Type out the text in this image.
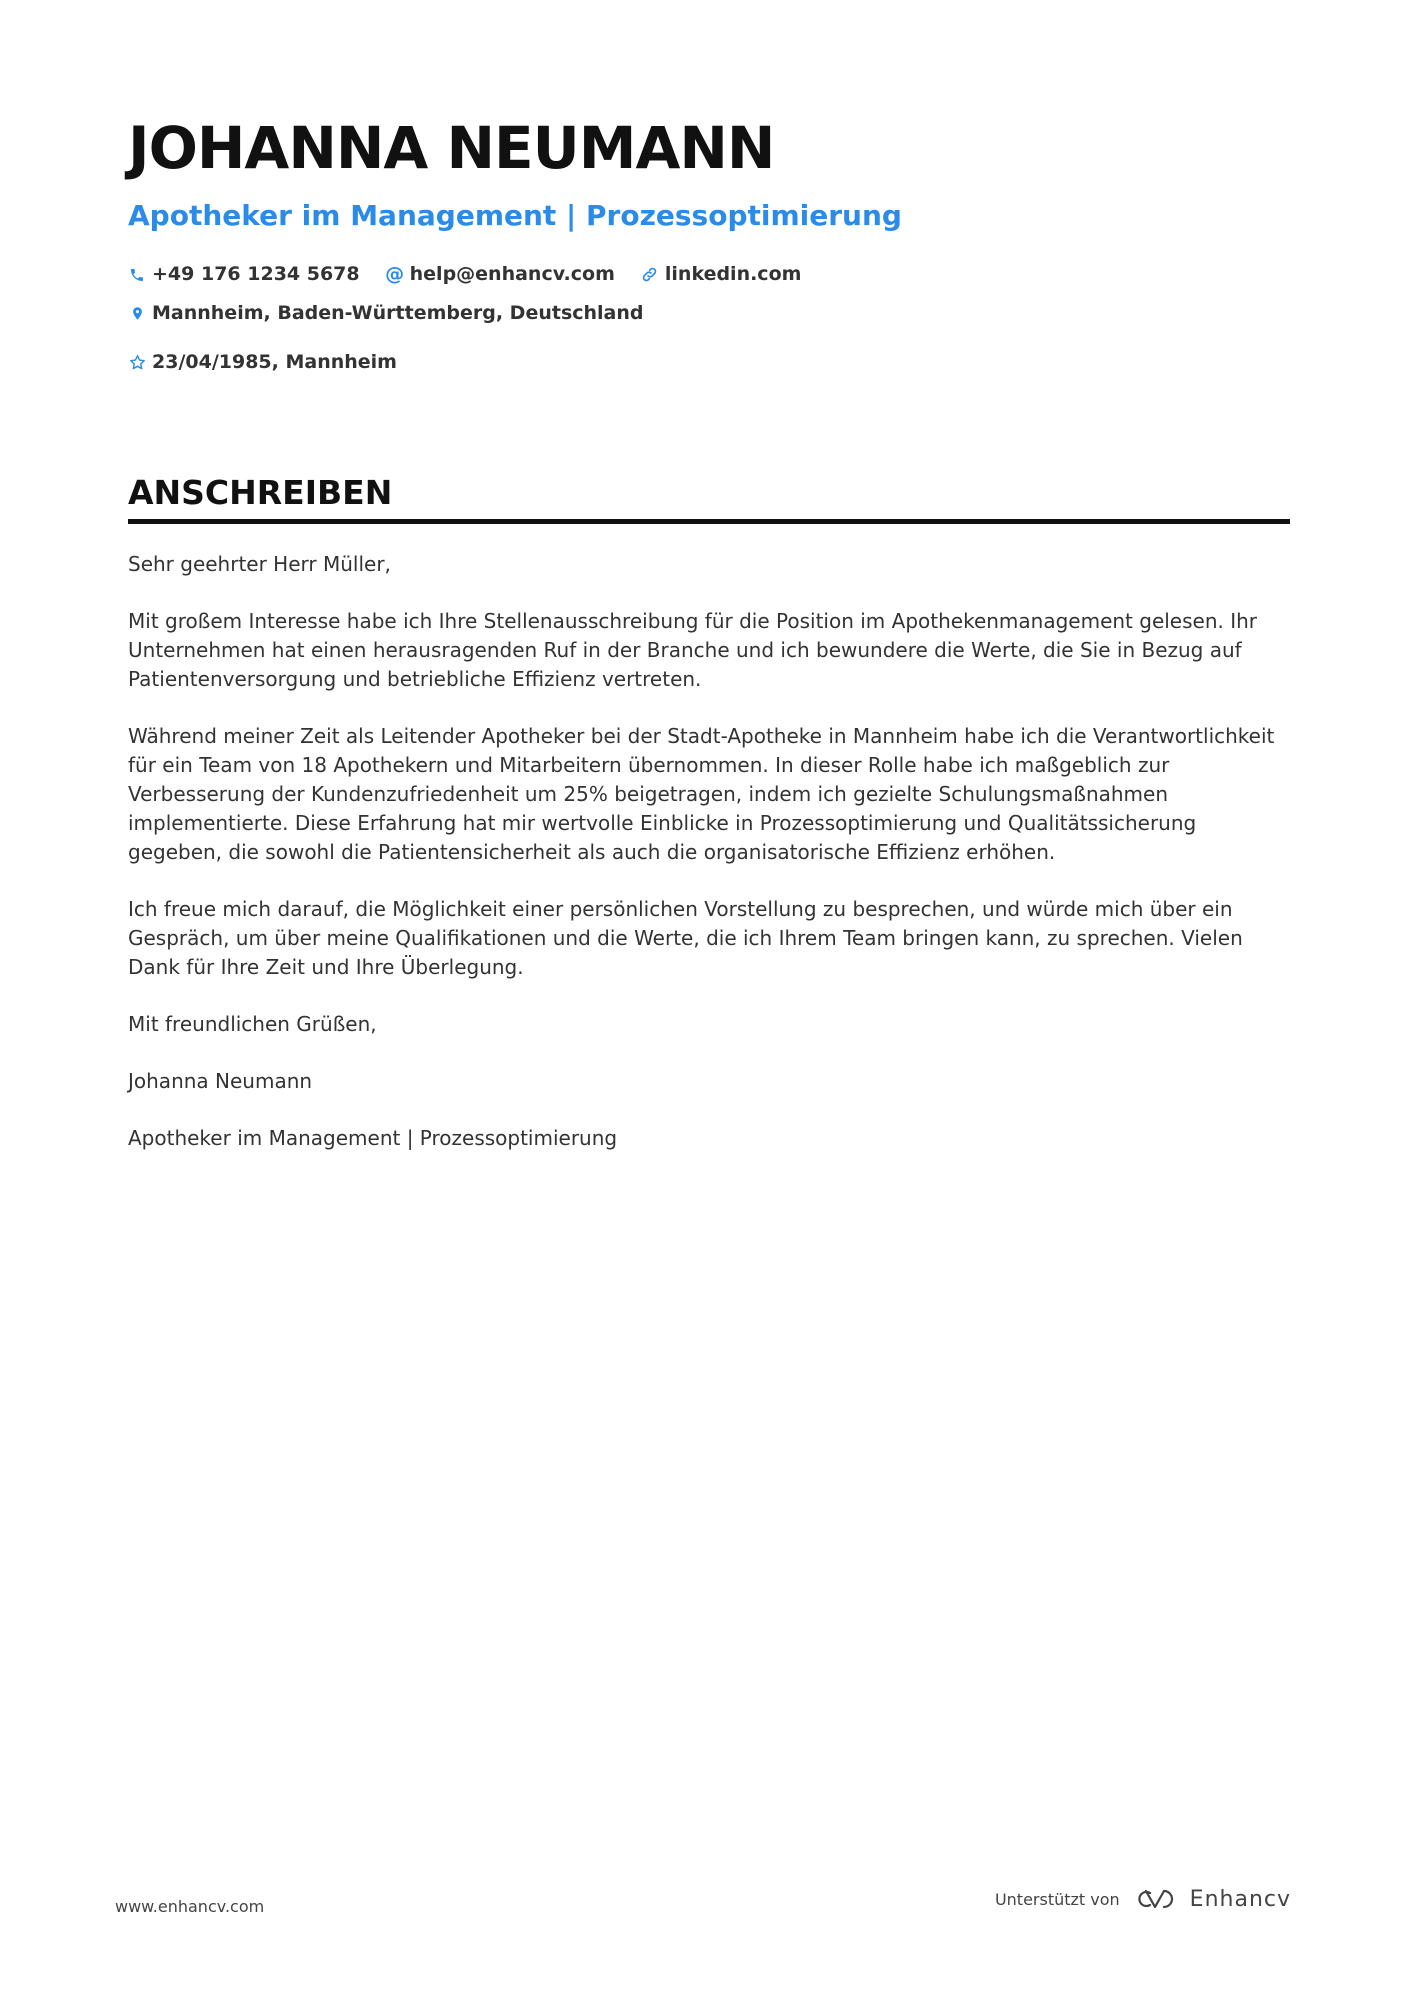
JOHANNA NEUMANN
Apotheker im Management | Prozessoptimierung
+49 176 1234 5678 @ help@enhancv.com	linkedin.com
Mannheim, Baden-Württemberg, Deutschland
23/04/1985, Mannheim
ANSCHREIBEN

Sehr geehrter Herr Müller,

Mit großem Interesse habe ich Ihre Stellenausschreibung für die Position im Apothekenmanagement gelesen. Ihr Unternehmen hat einen herausragenden Ruf in der Branche und ich bewundere die Werte, die Sie in Bezug auf Patientenversorgung und betriebliche Effizienz vertreten.

Während meiner Zeit als Leitender Apotheker bei der Stadt-Apotheke in Mannheim habe ich die Verantwortlichkeit für ein Team von 18 Apothekern und Mitarbeitern übernommen. In dieser Rolle habe ich maßgeblich zur Verbesserung der Kundenzufriedenheit um 25% beigetragen, indem ich gezielte Schulungsmaßnahmen implementierte. Diese Erfahrung hat mir wertvolle Einblicke in Prozessoptimierung und Qualitätssicherung gegeben, die sowohl die Patientensicherheit als auch die organisatorische Effizienz erhöhen.

Ich freue mich darauf, die Möglichkeit einer persönlichen Vorstellung zu besprechen, und würde mich über ein Gespräch, um über meine Qualifikationen und die Werte, die ich Ihrem Team bringen kann, zu sprechen. Vielen Dank für Ihre Zeit und Ihre Überlegung.

Mit freundlichen Grüßen,

Johanna Neumann

Apotheker im Management | Prozessoptimierung

www.enhancv.com	Unterstützt von	Enhancv
